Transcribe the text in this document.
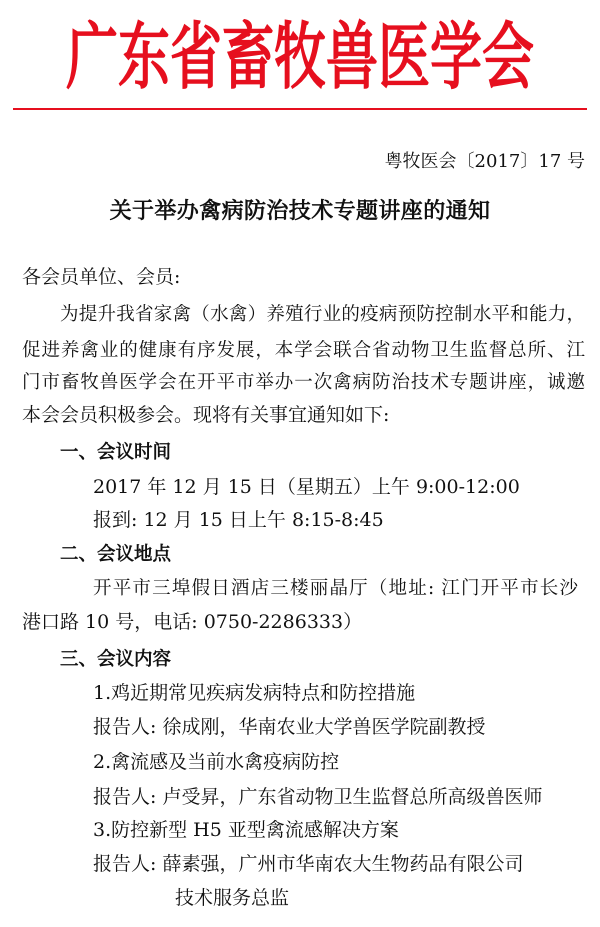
广东省畜牧兽医学会
粤牧医会〔2017〕17 号
关于举办禽病防治技术专题讲座的通知
各会员单位、会员:
为提升我省家禽（水禽）养殖行业的疫病预防控制水平和能力，
促进养禽业的健康有序发展，本学会联合省动物卫生监督总所、江
门市畜牧兽医学会在开平市举办一次禽病防治技术专题讲座，诚邀
本会会员积极参会。现将有关事宜通知如下:
一、会议时间
2017 年 12 月 15 日（星期五）上午 9:00-12:00
报到: 12 月 15 日上午 8:15-8:45
二、会议地点
开平市三埠假日酒店三楼丽晶厅（地址: 江门开平市长沙
港口路 10 号，电话: 0750-2286333）
三、会议内容
1.鸡近期常见疾病发病特点和防控措施
报告人: 徐成刚，华南农业大学兽医学院副教授
2.禽流感及当前水禽疫病防控
报告人: 卢受昇，广东省动物卫生监督总所高级兽医师
3.防控新型 H5 亚型禽流感解决方案
报告人: 薛素强，广州市华南农大生物药品有限公司
技术服务总监
